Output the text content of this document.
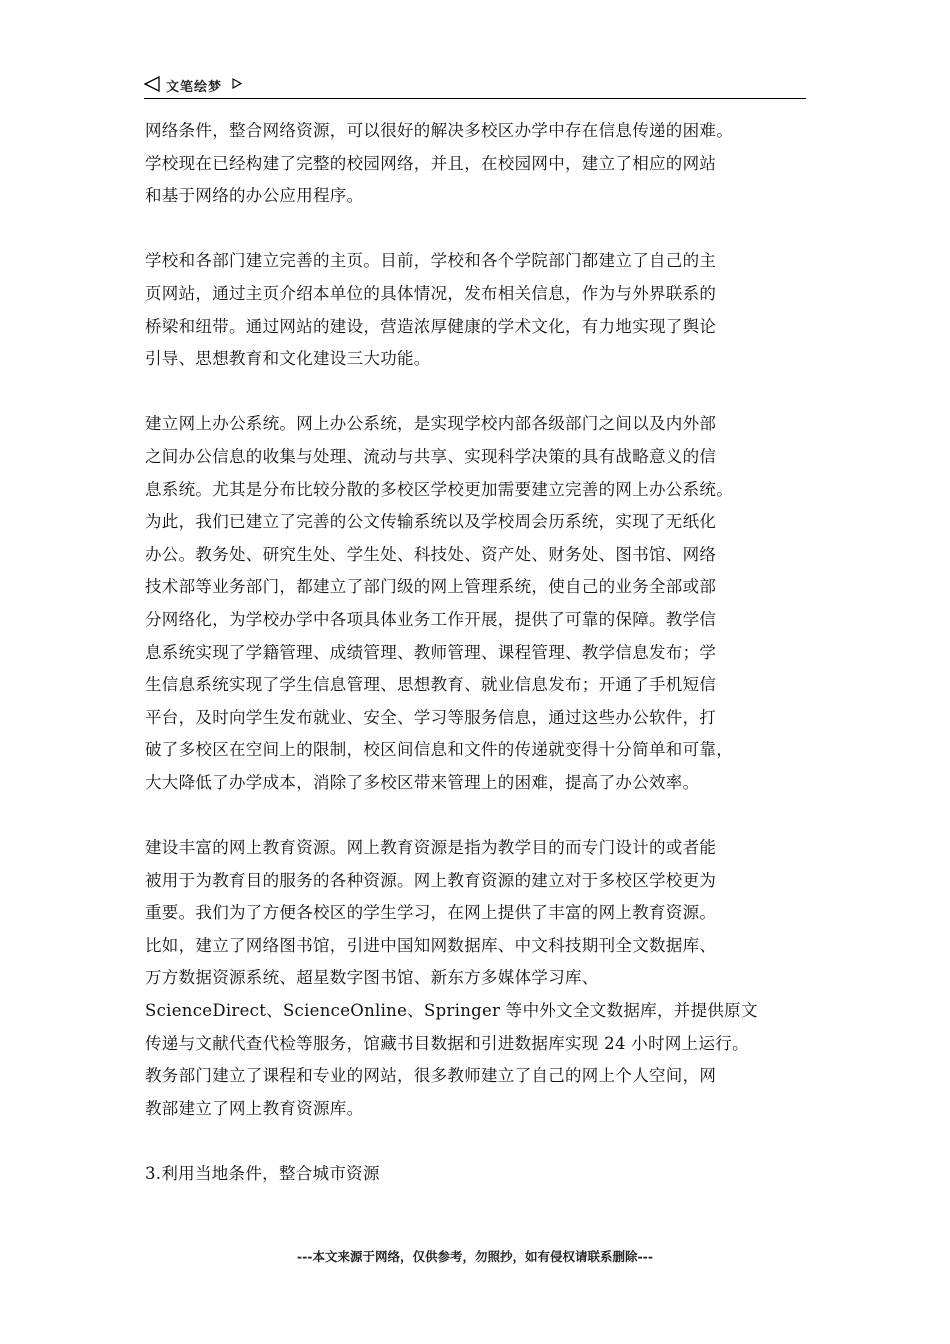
文笔绘梦
网络条件，整合网络资源，可以很好的解决多校区办学中存在信息传递的困难。
学校现在已经构建了完整的校园网络，并且，在校园网中，建立了相应的网站
和基于网络的办公应用程序。
学校和各部门建立完善的主页。目前，学校和各个学院部门都建立了自己的主
页网站，通过主页介绍本单位的具体情况，发布相关信息，作为与外界联系的
桥梁和纽带。通过网站的建设，营造浓厚健康的学术文化，有力地实现了舆论
引导、思想教育和文化建设三大功能。
建立网上办公系统。网上办公系统，是实现学校内部各级部门之间以及内外部
之间办公信息的收集与处理、流动与共享、实现科学决策的具有战略意义的信
息系统。尤其是分布比较分散的多校区学校更加需要建立完善的网上办公系统。
为此，我们已建立了完善的公文传输系统以及学校周会历系统，实现了无纸化
办公。教务处、研究生处、学生处、科技处、资产处、财务处、图书馆、网络
技术部等业务部门，都建立了部门级的网上管理系统，使自己的业务全部或部
分网络化，为学校办学中各项具体业务工作开展，提供了可靠的保障。教学信
息系统实现了学籍管理、成绩管理、教师管理、课程管理、教学信息发布；学
生信息系统实现了学生信息管理、思想教育、就业信息发布；开通了手机短信
平台，及时向学生发布就业、安全、学习等服务信息，通过这些办公软件，打
破了多校区在空间上的限制，校区间信息和文件的传递就变得十分简单和可靠，
大大降低了办学成本，消除了多校区带来管理上的困难，提高了办公效率。
建设丰富的网上教育资源。网上教育资源是指为教学目的而专门设计的或者能
被用于为教育目的服务的各种资源。网上教育资源的建立对于多校区学校更为
重要。我们为了方便各校区的学生学习，在网上提供了丰富的网上教育资源。
比如，建立了网络图书馆，引进中国知网数据库、中文科技期刊全文数据库、
万方数据资源系统、超星数字图书馆、新东方多媒体学习库、
ScienceDirect、ScienceOnline、Springer 等中外文全文数据库，并提供原文
传递与文献代查代检等服务，馆藏书目数据和引进数据库实现 24 小时网上运行。
教务部门建立了课程和专业的网站，很多教师建立了自己的网上个人空间，网
教部建立了网上教育资源库。
3.利用当地条件，整合城市资源
---本文来源于网络，仅供参考，勿照抄，如有侵权请联系删除---
